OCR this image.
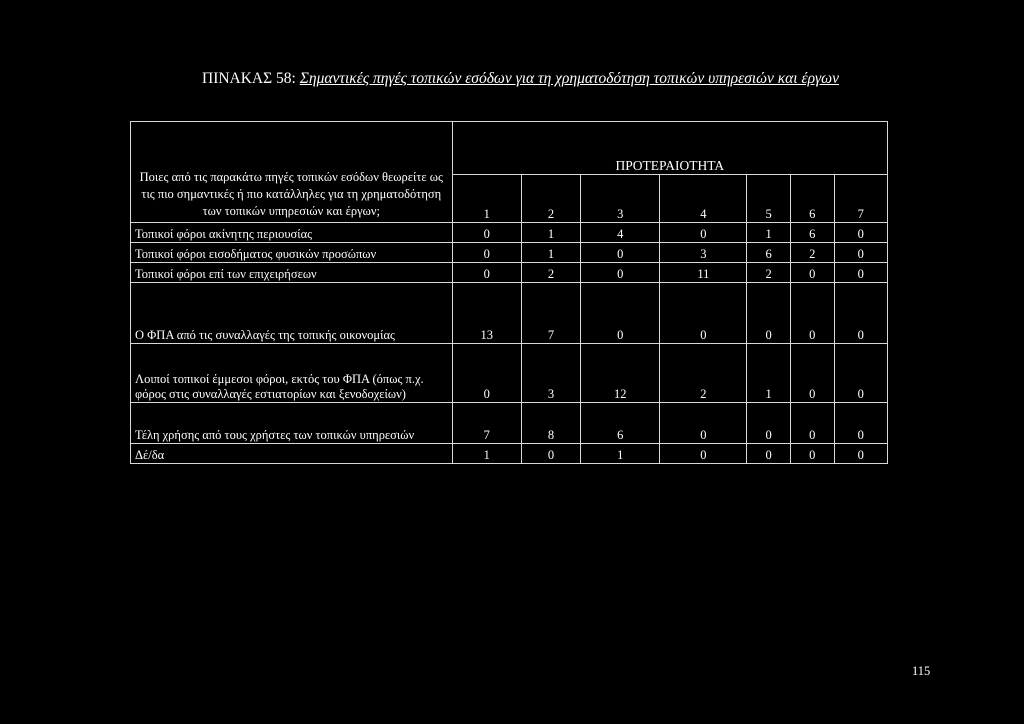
ΠΙΝΑΚΑΣ 58: Σημαντικές πηγές τοπικών εσόδων για τη χρηματοδότηση τοπικών υπηρεσιών και έργων
Ποιες από τις παρακάτω πηγές τοπικών εσόδων θεωρείτε ως τις πιο σημαντικές ή πιο κατάλληλες για τη χρηματοδότηση των τοπικών υπηρεσιών και έργων;	ΠΡΟΤΕΡΑΙΟΤΗΤΑ						
	1	2	3	4	5	6	7
Τοπικοί φόροι ακίνητης περιουσίας	0	1	4	0	1	6	0
Τοπικοί φόροι εισοδήματος φυσικών προσώπων	0	1	0	3	6	2	0
Τοπικοί φόροι επί των επιχειρήσεων	0	2	0	11	2	0	0
Ο ΦΠΑ από τις συναλλαγές της τοπικής οικονομίας	13	7	0	0	0	0	0
Λοιποί τοπικοί έμμεσοι φόροι, εκτός του ΦΠΑ (όπως π.χ. φόρος στις συναλλαγές εστιατορίων και ξενοδοχείων)	0	3	12	2	1	0	0
Τέλη χρήσης από τους χρήστες των τοπικών υπηρεσιών	7	8	6	0	0	0	0
Δέ/δα	1	0	1	0	0	0	0
115
